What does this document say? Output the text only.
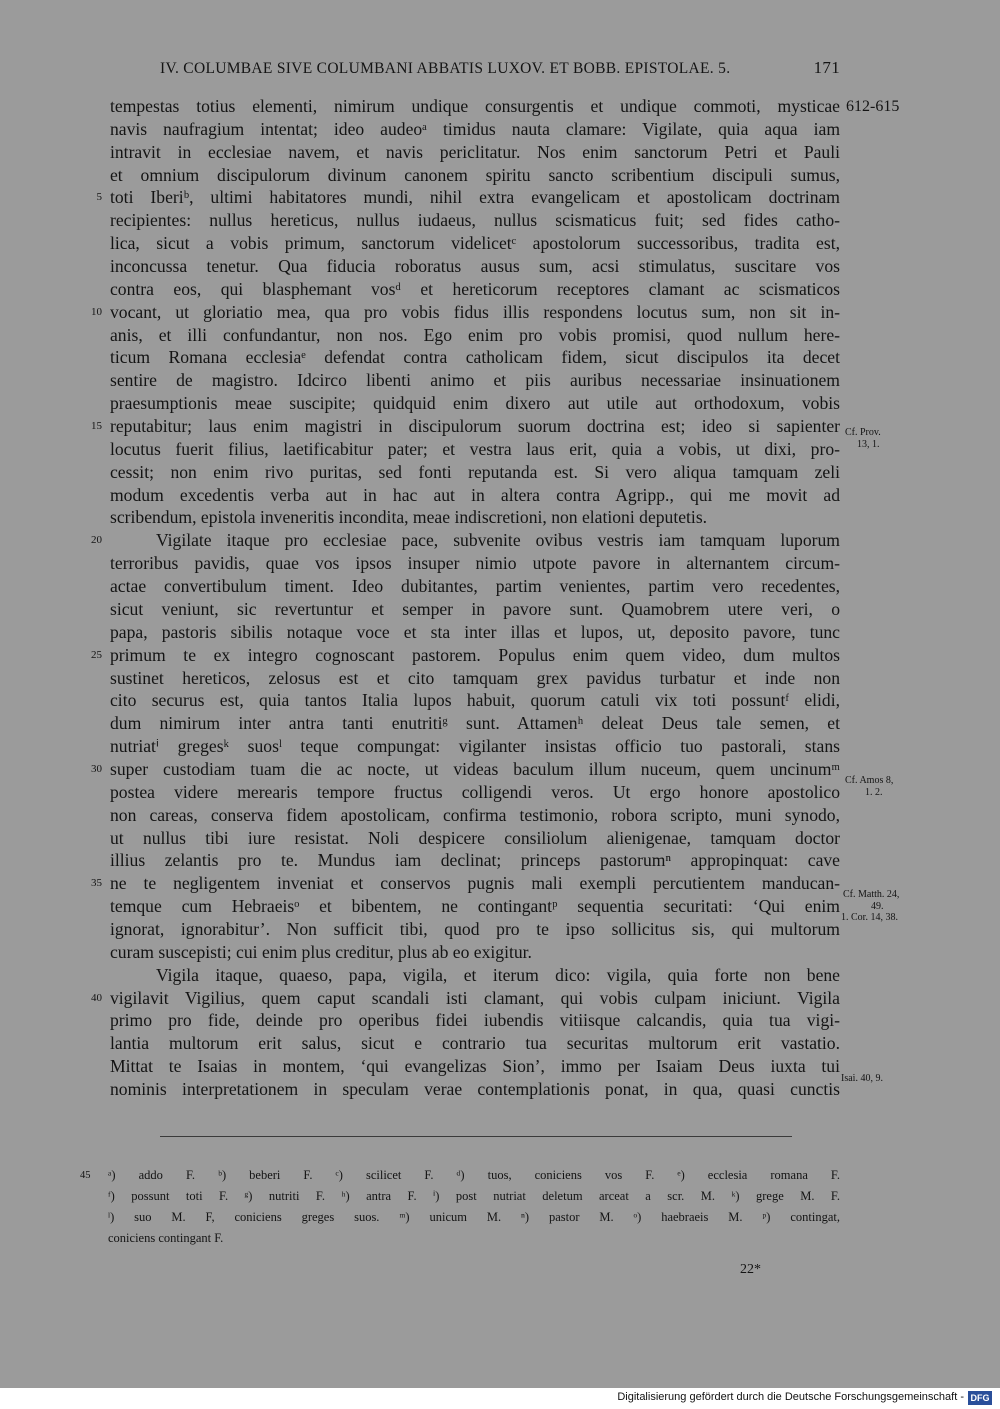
IV. COLUMBAE SIVE COLUMBANI ABBATIS LUXOV. ET BOBB. EPISTOLAE. 5.	171
612-615
tempestas totius elementi, nimirum undique consurgentis et undique commoti, mysticae
navis naufragium intentat; ideo audeoᵃ timidus nauta clamare: Vigilate, quia aqua iam
intravit in ecclesiae navem, et navis periclitatur. Nos enim sanctorum Petri et Pauli
et omnium discipulorum divinum canonem spiritu sancto scribentium discipuli sumus,
toti Iberiᵇ, ultimi habitatores mundi, nihil extra evangelicam et apostolicam doctrinam
5
recipientes: nullus hereticus, nullus iudaeus, nullus scismaticus fuit; sed fides catho-
lica, sicut a vobis primum, sanctorum videlicetᶜ apostolorum successoribus, tradita est,
inconcussa tenetur. Qua fiducia roboratus ausus sum, acsi stimulatus, suscitare vos
contra eos, qui blasphemant vosᵈ et hereticorum receptores clamant ac scismaticos
vocant, ut gloriatio mea, qua pro vobis fidus illis respondens locutus sum, non sit in-
10
anis, et illi confundantur, non nos. Ego enim pro vobis promisi, quod nullum here-
ticum Romana ecclesiaᵉ defendat contra catholicam fidem, sicut discipulos ita decet
sentire de magistro. Idcirco libenti animo et piis auribus necessariae insinuationem
praesumptionis meae suscipite; quidquid enim dixero aut utile aut orthodoxum, vobis
reputabitur; laus enim magistri in discipulorum suorum doctrina est; ideo si sapienter
15
locutus fuerit filius, laetificabitur pater; et vestra laus erit, quia a vobis, ut dixi, pro-
cessit; non enim rivo puritas, sed fonti reputanda est. Si vero aliqua tamquam zeli
modum excedentis verba aut in hac aut in altera contra Agripp., qui me movit ad
scribendum, epistola inveneritis incondita, meae indiscretioni, non elationi deputetis.
Vigilate itaque pro ecclesiae pace, subvenite ovibus vestris iam tamquam luporum
20
terroribus pavidis, quae vos ipsos insuper nimio utpote pavore in alternantem circum-
actae convertibulum timent. Ideo dubitantes, partim venientes, partim vero recedentes,
sicut veniunt, sic revertuntur et semper in pavore sunt. Quamobrem utere veri, o
papa, pastoris sibilis notaque voce et sta inter illas et lupos, ut, deposito pavore, tunc
primum te ex integro cognoscant pastorem. Populus enim quem video, dum multos
25
sustinet hereticos, zelosus est et cito tamquam grex pavidus turbatur et inde non
cito securus est, quia tantos Italia lupos habuit, quorum catuli vix toti possuntᶠ elidi,
dum nimirum inter antra tanti enutritiᵍ sunt. Attamenʰ deleat Deus tale semen, et
nutriatⁱ gregesᵏ suosˡ teque compungat: vigilanter insistas officio tuo pastorali, stans
super custodiam tuam die ac nocte, ut videas baculum illum nuceum, quem uncinumᵐ
30
postea videre merearis tempore fructus colligendi veros. Ut ergo honore apostolico
non careas, conserva fidem apostolicam, confirma testimonio, robora scripto, muni synodo,
ut nullus tibi iure resistat. Noli despicere consiliolum alienigenae, tamquam doctor
illius zelantis pro te. Mundus iam declinat; princeps pastorumⁿ appropinquat: cave
ne te negligentem inveniat et conservos pugnis mali exempli percutientem manducan-
35
temque cum Hebraeisᵒ et bibentem, ne contingantᵖ sequentia securitati: ‘Qui enim
ignorat, ignorabitur’. Non sufficit tibi, quod pro te ipso sollicitus sis, qui multorum
curam suscepisti; cui enim plus creditur, plus ab eo exigitur.
Vigila itaque, quaeso, papa, vigila, et iterum dico: vigila, quia forte non bene
vigilavit Vigilius, quem caput scandali isti clamant, qui vobis culpam iniciunt. Vigila
40
primo pro fide, deinde pro operibus fidei iubendis vitiisque calcandis, quia tua vigi-
lantia multorum erit salus, sicut e contrario tua securitas multorum erit vastatio.
Mittat te Isaias in montem, ‘qui evangelizas Sion’, immo per Isaiam Deus iuxta tui
nominis interpretationem in speculam verae contemplationis ponat, in qua, quasi cunctis
Cf. Prov.
13, 1.
Cf. Amos 8,
1. 2.
Cf. Matth. 24,
49.
1. Cor. 14, 38.
Isai. 40, 9.
45 ᵃ) addo F. ᵇ) beberi F. ᶜ) scilicet F. ᵈ) tuos, coniciens vos F. ᵉ) ecclesia romana F.
ᶠ) possunt toti F. ᵍ) nutriti F. ʰ) antra F. ⁱ) post nutriat deletum arceat a scr. M. ᵏ) grege M. F.
ˡ) suo M. F, coniciens greges suos. ᵐ) unicum M. ⁿ) pastor M. ᵒ) haebraeis M. ᵖ) contingat,
coniciens contingant F.
22*
Digitalisierung gefördert durch die Deutsche Forschungsgemeinschaft - DFG
